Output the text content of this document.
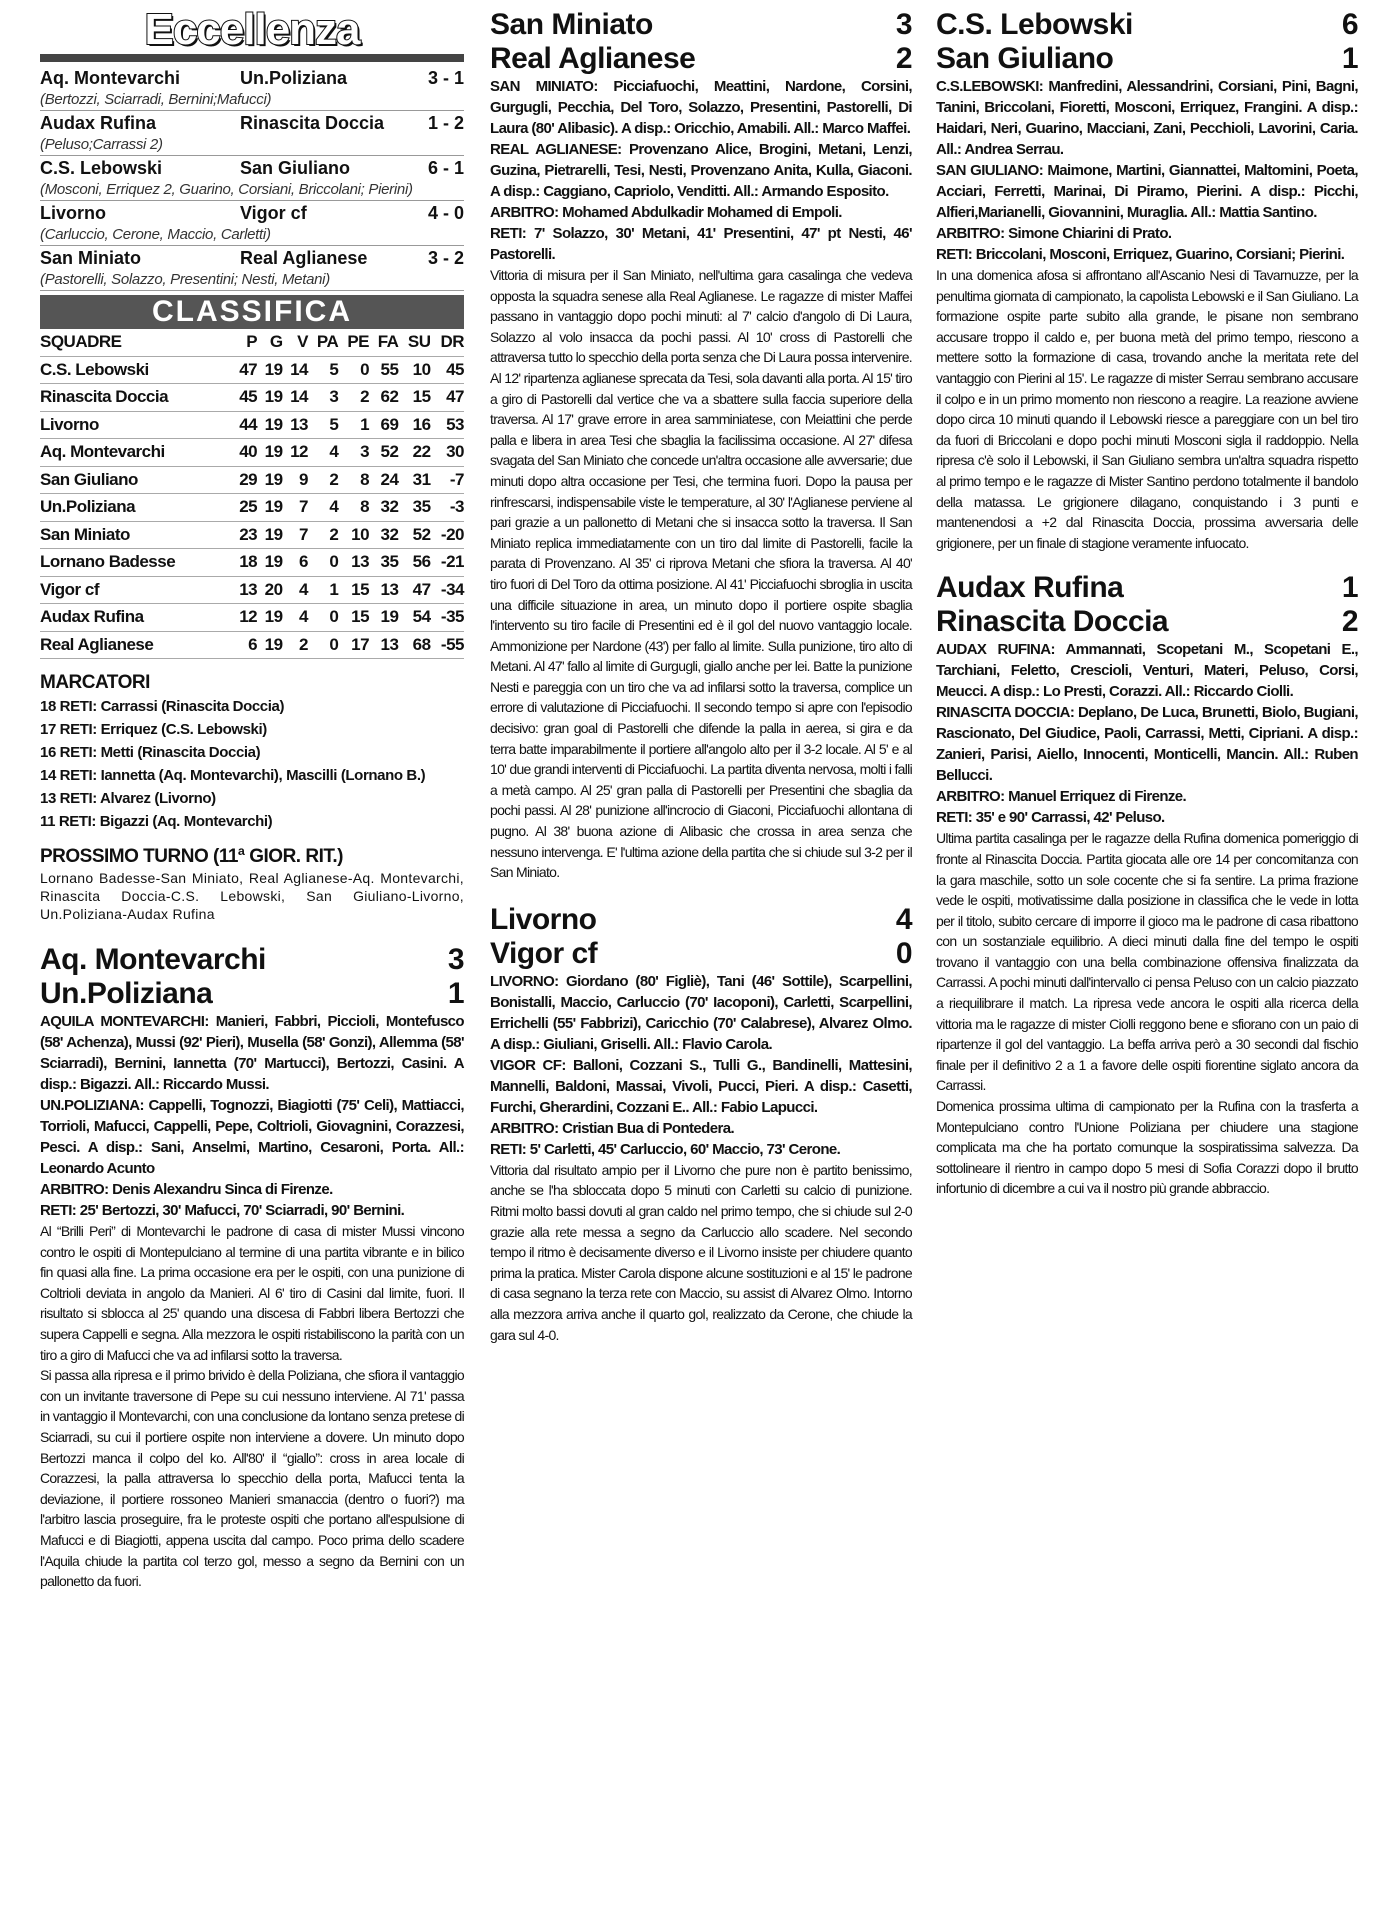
Eccellenza
Aq. Montevarchi	Un.Poliziana	3 - 1
(Bertozzi, Sciarradi, Bernini;Mafucci)
Audax Rufina	Rinascita Doccia	1 - 2
(Peluso;Carrassi 2)
C.S. Lebowski	San Giuliano	6 - 1
(Mosconi, Erriquez 2, Guarino, Corsiani, Briccolani; Pierini)
Livorno	Vigor cf	4 - 0
(Carluccio, Cerone, Maccio, Carletti)
San Miniato	Real Aglianese	3 - 2
(Pastorelli, Solazzo, Presentini; Nesti, Metani)
CLASSIFICA
SQUADRE	P	G	V	PA	PE	FA	SU	DR
C.S. Lebowski	47	19	14	5	0	55	10	45
Rinascita Doccia	45	19	14	3	2	62	15	47
Livorno	44	19	13	5	1	69	16	53
Aq. Montevarchi	40	19	12	4	3	52	22	30
San Giuliano	29	19	9	2	8	24	31	-7
Un.Poliziana	25	19	7	4	8	32	35	-3
San Miniato	23	19	7	2	10	32	52	-20
Lornano Badesse	18	19	6	0	13	35	56	-21
Vigor cf	13	20	4	1	15	13	47	-34
Audax Rufina	12	19	4	0	15	19	54	-35
Real Aglianese	6	19	2	0	17	13	68	-55
MARCATORI
18 RETI: Carrassi (Rinascita Doccia)
17 RETI: Erriquez (C.S. Lebowski)
16 RETI: Metti (Rinascita Doccia)
14 RETI: Iannetta (Aq. Montevarchi), Mascilli (Lornano B.)
13 RETI: Alvarez (Livorno)
11 RETI: Bigazzi (Aq. Montevarchi)
PROSSIMO TURNO (11ª GIOR. RIT.)
Lornano Badesse-San Miniato, Real Aglianese-Aq. Montevarchi, Rinascita Doccia-C.S. Lebowski, San Giuliano-Livorno, Un.Poliziana-Audax Rufina
Aq. Montevarchi	3
Un.Poliziana	1
AQUILA MONTEVARCHI: Manieri, Fabbri, Piccioli, Montefusco (58' Achenza), Mussi (92' Pieri), Musella (58' Gonzi), Allemma (58' Sciarradi), Bernini, Iannetta (70' Martucci), Bertozzi, Casini. A disp.: Bigazzi. All.: Riccardo Mussi.
UN.POLIZIANA: Cappelli, Tognozzi, Biagiotti (75' Celi), Mattiacci, Torrioli, Mafucci, Cappelli, Pepe, Coltrioli, Giovagnini, Corazzesi, Pesci. A disp.: Sani, Anselmi, Martino, Cesaroni, Porta. All.: Leonardo Acunto
ARBITRO: Denis Alexandru Sinca di Firenze.
RETI: 25' Bertozzi, 30' Mafucci, 70' Sciarradi, 90' Bernini.
Al “Brilli Peri” di Montevarchi le padrone di casa di mister Mussi vincono contro le ospiti di Montepulciano al termine di una partita vibrante e in bilico fin quasi alla fine. La prima occasione era per le ospiti, con una punizione di Coltrioli deviata in angolo da Manieri. Al 6' tiro di Casini dal limite, fuori. Il risultato si sblocca al 25' quando una discesa di Fabbri libera Bertozzi che supera Cappelli e segna. Alla mezzora le ospiti ristabiliscono la parità con un tiro a giro di Mafucci che va ad infilarsi sotto la traversa.
Si passa alla ripresa e il primo brivido è della Poliziana, che sfiora il vantaggio con un invitante traversone di Pepe su cui nessuno interviene. Al 71' passa in vantaggio il Montevarchi, con una conclusione da lontano senza pretese di Sciarradi, su cui il portiere ospite non interviene a dovere. Un minuto dopo Bertozzi manca il colpo del ko. All'80' il “giallo”: cross in area locale di Corazzesi, la palla attraversa lo specchio della porta, Mafucci tenta la deviazione, il portiere rossoneo Manieri smanaccia (dentro o fuori?) ma l'arbitro lascia proseguire, fra le proteste ospiti che portano all'espulsione di Mafucci e di Biagiotti, appena uscita dal campo. Poco prima dello scadere l'Aquila chiude la partita col terzo gol, messo a segno da Bernini con un pallonetto da fuori.
San Miniato	3
Real Aglianese	2
SAN MINIATO: Picciafuochi, Meattini, Nardone, Corsini, Gurgugli, Pecchia, Del Toro, Solazzo, Presentini, Pastorelli, Di Laura (80' Alibasic). A disp.: Oricchio, Amabili. All.: Marco Maffei.
REAL AGLIANESE: Provenzano Alice, Brogini, Metani, Lenzi, Guzina, Pietrarelli, Tesi, Nesti, Provenzano Anita, Kulla, Giaconi. A disp.: Caggiano, Capriolo, Venditti. All.: Armando Esposito.
ARBITRO: Mohamed Abdulkadir Mohamed di Empoli.
RETI: 7' Solazzo, 30' Metani, 41' Presentini, 47' pt Nesti, 46' Pastorelli.
Vittoria di misura per il San Miniato, nell'ultima gara casalinga che vedeva opposta la squadra senese alla Real Aglianese. Le ragazze di mister Maffei passano in vantaggio dopo pochi minuti: al 7' calcio d'angolo di Di Laura, Solazzo al volo insacca da pochi passi. Al 10' cross di Pastorelli che attraversa tutto lo specchio della porta senza che Di Laura possa intervenire. Al 12' ripartenza aglianese sprecata da Tesi, sola davanti alla porta. Al 15' tiro a giro di Pastorelli dal vertice che va a sbattere sulla faccia superiore della traversa. Al 17' grave errore in area samminiatese, con Meiattini che perde palla e libera in area Tesi che sbaglia la facilissima occasione. Al 27' difesa svagata del San Miniato che concede un'altra occasione alle avversarie; due minuti dopo altra occasione per Tesi, che termina fuori. Dopo la pausa per rinfrescarsi, indispensabile viste le temperature, al 30' l'Aglianese perviene al pari grazie a un pallonetto di Metani che si insacca sotto la traversa. Il San Miniato replica immediatamente con un tiro dal limite di Pastorelli, facile la parata di Provenzano. Al 35' ci riprova Metani che sfiora la traversa. Al 40' tiro fuori di Del Toro da ottima posizione. Al 41' Picciafuochi sbroglia in uscita una difficile situazione in area, un minuto dopo il portiere ospite sbaglia l'intervento su tiro facile di Presentini ed è il gol del nuovo vantaggio locale. Ammonizione per Nardone (43') per fallo al limite. Sulla punizione, tiro alto di Metani. Al 47' fallo al limite di Gurgugli, giallo anche per lei. Batte la punizione Nesti e pareggia con un tiro che va ad infilarsi sotto la traversa, complice un errore di valutazione di Picciafuochi. Il secondo tempo si apre con l'episodio decisivo: gran goal di Pastorelli che difende la palla in aerea, si gira e da terra batte imparabilmente il portiere all'angolo alto per il 3-2 locale. Al 5' e al 10' due grandi interventi di Picciafuochi. La partita diventa nervosa, molti i falli a metà campo. Al 25' gran palla di Pastorelli per Presentini che sbaglia da pochi passi. Al 28' punizione all'incrocio di Giaconi, Picciafuochi allontana di pugno. Al 38' buona azione di Alibasic che crossa in area senza che nessuno intervenga. E' l'ultima azione della partita che si chiude sul 3-2 per il San Miniato.
Livorno	4
Vigor cf	0
LIVORNO: Giordano (80' Figliè), Tani (46' Sottile), Scarpellini, Bonistalli, Maccio, Carluccio (70' Iacoponi), Carletti, Scarpellini, Errichelli (55' Fabbrizi), Caricchio (70' Calabrese), Alvarez Olmo. A disp.: Giuliani, Griselli. All.: Flavio Carola.
VIGOR CF: Balloni, Cozzani S., Tulli G., Bandinelli, Mattesini, Mannelli, Baldoni, Massai, Vivoli, Pucci, Pieri. A disp.: Casetti, Furchi, Gherardini, Cozzani E.. All.: Fabio Lapucci.
ARBITRO: Cristian Bua di Pontedera.
RETI: 5' Carletti, 45' Carluccio, 60' Maccio, 73' Cerone.
Vittoria dal risultato ampio per il Livorno che pure non è partito benissimo, anche se l'ha sbloccata dopo 5 minuti con Carletti su calcio di punizione. Ritmi molto bassi dovuti al gran caldo nel primo tempo, che si chiude sul 2-0 grazie alla rete messa a segno da Carluccio allo scadere. Nel secondo tempo il ritmo è decisamente diverso e il Livorno insiste per chiudere quanto prima la pratica. Mister Carola dispone alcune sostituzioni e al 15' le padrone di casa segnano la terza rete con Maccio, su assist di Alvarez Olmo. Intorno alla mezzora arriva anche il quarto gol, realizzato da Cerone, che chiude la gara sul 4-0.
C.S. Lebowski	6
San Giuliano	1
C.S.LEBOWSKI: Manfredini, Alessandrini, Corsiani, Pini, Bagni, Tanini, Briccolani, Fioretti, Mosconi, Erriquez, Frangini. A disp.: Haidari, Neri, Guarino, Macciani, Zani, Pecchioli, Lavorini, Caria. All.: Andrea Serrau.
SAN GIULIANO: Maimone, Martini, Giannattei, Maltomini, Poeta, Acciari, Ferretti, Marinai, Di Piramo, Pierini. A disp.: Picchi, Alfieri,Marianelli, Giovannini, Muraglia. All.: Mattia Santino.
ARBITRO: Simone Chiarini di Prato.
RETI: Briccolani, Mosconi, Erriquez, Guarino, Corsiani; Pierini.
In una domenica afosa si affrontano all'Ascanio Nesi di Tavarnuzze, per la penultima giornata di campionato, la capolista Lebowski e il San Giuliano. La formazione ospite parte subito alla grande, le pisane non sembrano accusare troppo il caldo e, per buona metà del primo tempo, riescono a mettere sotto la formazione di casa, trovando anche la meritata rete del vantaggio con Pierini al 15'. Le ragazze di mister Serrau sembrano accusare il colpo e in un primo momento non riescono a reagire. La reazione avviene dopo circa 10 minuti quando il Lebowski riesce a pareggiare con un bel tiro da fuori di Briccolani e dopo pochi minuti Mosconi sigla il raddoppio. Nella ripresa c'è solo il Lebowski, il San Giuliano sembra un'altra squadra rispetto al primo tempo e le ragazze di Mister Santino perdono totalmente il bandolo della matassa. Le grigionere dilagano, conquistando i 3 punti e mantenendosi a +2 dal Rinascita Doccia, prossima avversaria delle grigionere, per un finale di stagione veramente infuocato.
Audax Rufina	1
Rinascita Doccia	2
AUDAX RUFINA: Ammannati, Scopetani M., Scopetani E., Tarchiani, Feletto, Crescioli, Venturi, Materi, Peluso, Corsi, Meucci. A disp.: Lo Presti, Corazzi. All.: Riccardo Ciolli.
RINASCITA DOCCIA: Deplano, De Luca, Brunetti, Biolo, Bugiani, Rascionato, Del Giudice, Paoli, Carrassi, Metti, Cipriani. A disp.: Zanieri, Parisi, Aiello, Innocenti, Monticelli, Mancin. All.: Ruben Bellucci.
ARBITRO: Manuel Erriquez di Firenze.
RETI: 35' e 90' Carrassi, 42' Peluso.
Ultima partita casalinga per le ragazze della Rufina domenica pomeriggio di fronte al Rinascita Doccia. Partita giocata alle ore 14 per concomitanza con la gara maschile, sotto un sole cocente che si fa sentire. La prima frazione vede le ospiti, motivatissime dalla posizione in classifica che le vede in lotta per il titolo, subito cercare di imporre il gioco ma le padrone di casa ribattono con un sostanziale equilibrio. A dieci minuti dalla fine del tempo le ospiti trovano il vantaggio con una bella combinazione offensiva finalizzata da Carrassi. A pochi minuti dall'intervallo ci pensa Peluso con un calcio piazzato a riequilibrare il match. La ripresa vede ancora le ospiti alla ricerca della vittoria ma le ragazze di mister Ciolli reggono bene e sfiorano con un paio di ripartenze il gol del vantaggio. La beffa arriva però a 30 secondi dal fischio finale per il definitivo 2 a 1 a favore delle ospiti fiorentine siglato ancora da Carrassi.
Domenica prossima ultima di campionato per la Rufina con la trasferta a Montepulciano contro l'Unione Poliziana per chiudere una stagione complicata ma che ha portato comunque la sospiratissima salvezza. Da sottolineare il rientro in campo dopo 5 mesi di Sofia Corazzi dopo il brutto infortunio di dicembre a cui va il nostro più grande abbraccio.
